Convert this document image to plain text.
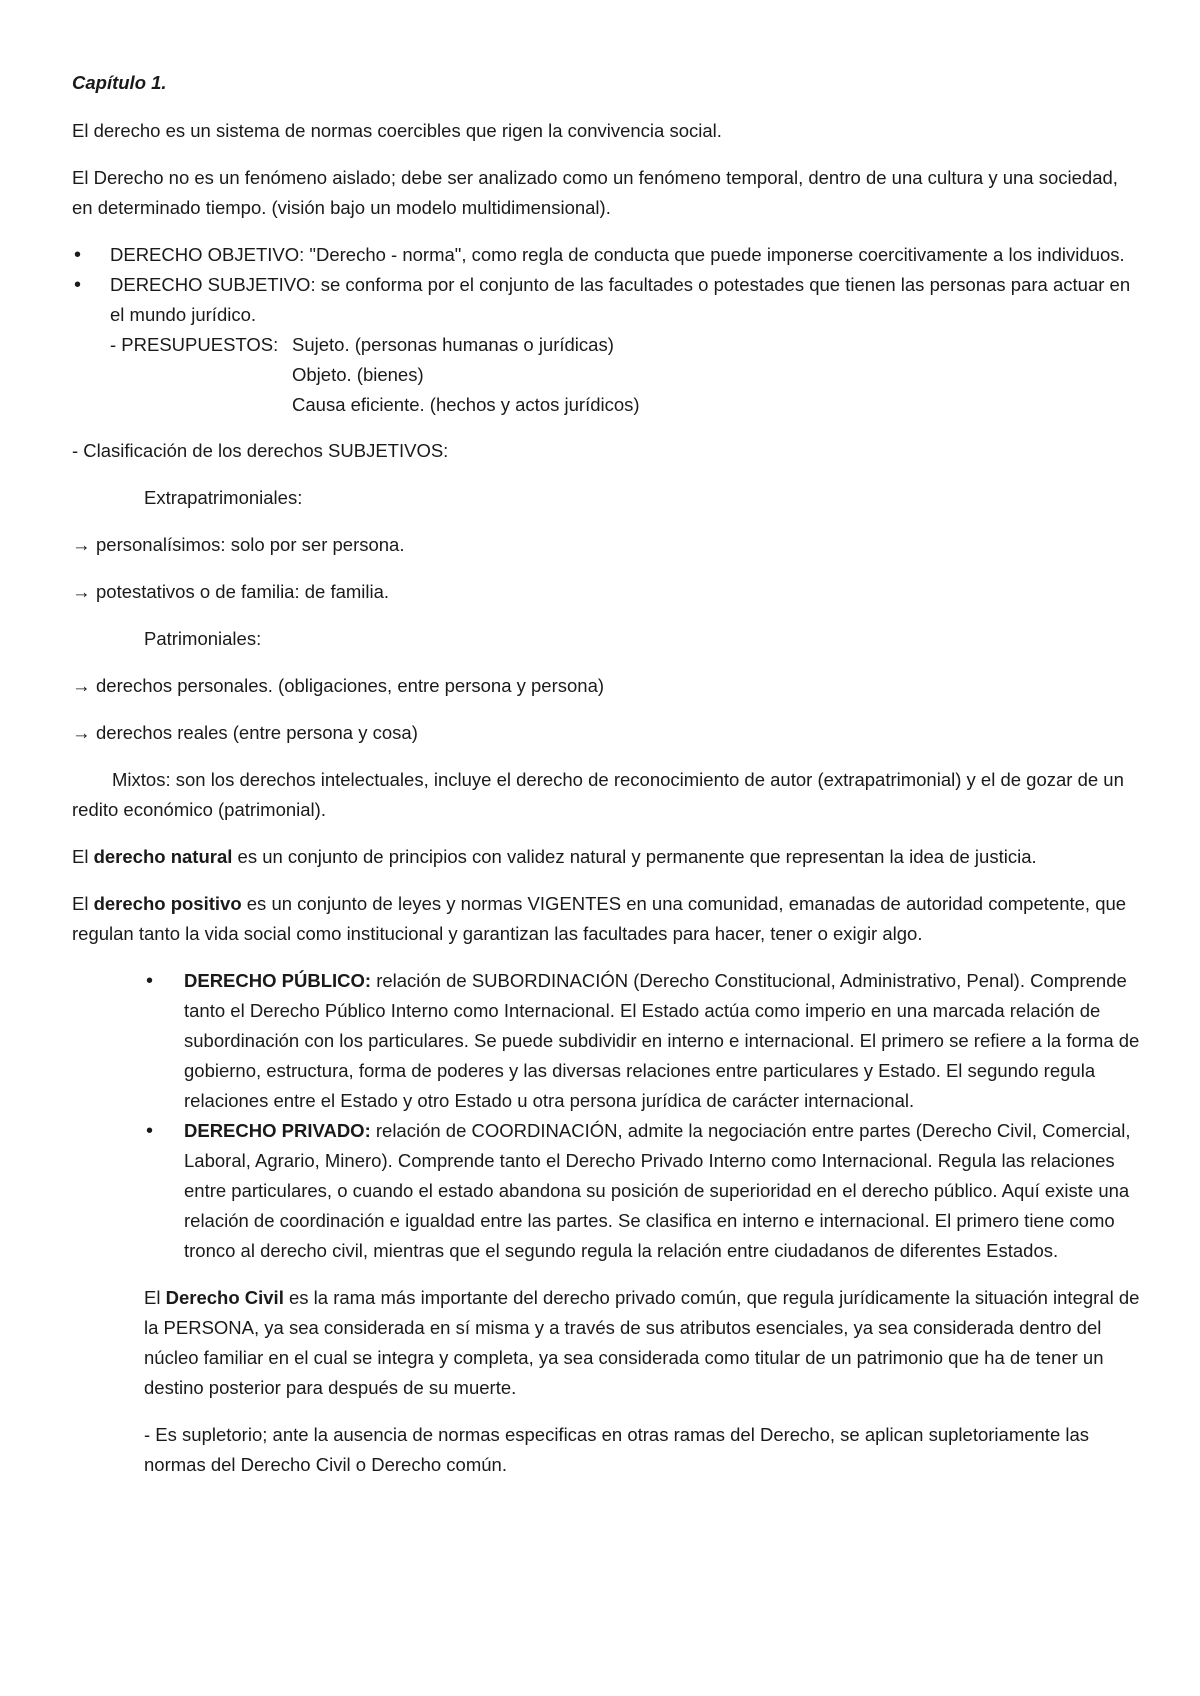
Capítulo 1.

El derecho es un sistema de normas coercibles que rigen la convivencia social.

El Derecho no es un fenómeno aislado; debe ser analizado como un fenómeno temporal, dentro de una cultura y una sociedad, en determinado tiempo. (visión bajo un modelo multidimensional).

• DERECHO OBJETIVO: "Derecho - norma", como regla de conducta que puede imponerse coercitivamente a los individuos.
• DERECHO SUBJETIVO: se conforma por el conjunto de las facultades o potestades que tienen las personas para actuar en el mundo jurídico.
- PRESUPUESTOS: Sujeto. (personas humanas o jurídicas)
Objeto. (bienes)
Causa eficiente. (hechos y actos jurídicos)

- Clasificación de los derechos SUBJETIVOS:

Extrapatrimoniales:

→ personalísimos: solo por ser persona.

→ potestativos o de familia: de familia.

Patrimoniales:

→ derechos personales. (obligaciones, entre persona y persona)

→ derechos reales (entre persona y cosa)

Mixtos: son los derechos intelectuales, incluye el derecho de reconocimiento de autor (extrapatrimonial) y el de gozar de un redito económico (patrimonial).

El derecho natural es un conjunto de principios con validez natural y permanente que representan la idea de justicia.

El derecho positivo es un conjunto de leyes y normas VIGENTES en una comunidad, emanadas de autoridad competente, que regulan tanto la vida social como institucional y garantizan las facultades para hacer, tener o exigir algo.

• DERECHO PÚBLICO: relación de SUBORDINACIÓN (Derecho Constitucional, Administrativo, Penal). Comprende tanto el Derecho Público Interno como Internacional. El Estado actúa como imperio en una marcada relación de subordinación con los particulares. Se puede subdividir en interno e internacional. El primero se refiere a la forma de gobierno, estructura, forma de poderes y las diversas relaciones entre particulares y Estado. El segundo regula relaciones entre el Estado y otro Estado u otra persona jurídica de carácter internacional.
• DERECHO PRIVADO: relación de COORDINACIÓN, admite la negociación entre partes (Derecho Civil, Comercial, Laboral, Agrario, Minero). Comprende tanto el Derecho Privado Interno como Internacional. Regula las relaciones entre particulares, o cuando el estado abandona su posición de superioridad en el derecho público. Aquí existe una relación de coordinación e igualdad entre las partes. Se clasifica en interno e internacional. El primero tiene como tronco al derecho civil, mientras que el segundo regula la relación entre ciudadanos de diferentes Estados.

El Derecho Civil es la rama más importante del derecho privado común, que regula jurídicamente la situación integral de la PERSONA, ya sea considerada en sí misma y a través de sus atributos esenciales, ya sea considerada dentro del núcleo familiar en el cual se integra y completa, ya sea considerada como titular de un patrimonio que ha de tener un destino posterior para después de su muerte.

- Es supletorio; ante la ausencia de normas especificas en otras ramas del Derecho, se aplican supletoriamente las normas del Derecho Civil o Derecho común.
